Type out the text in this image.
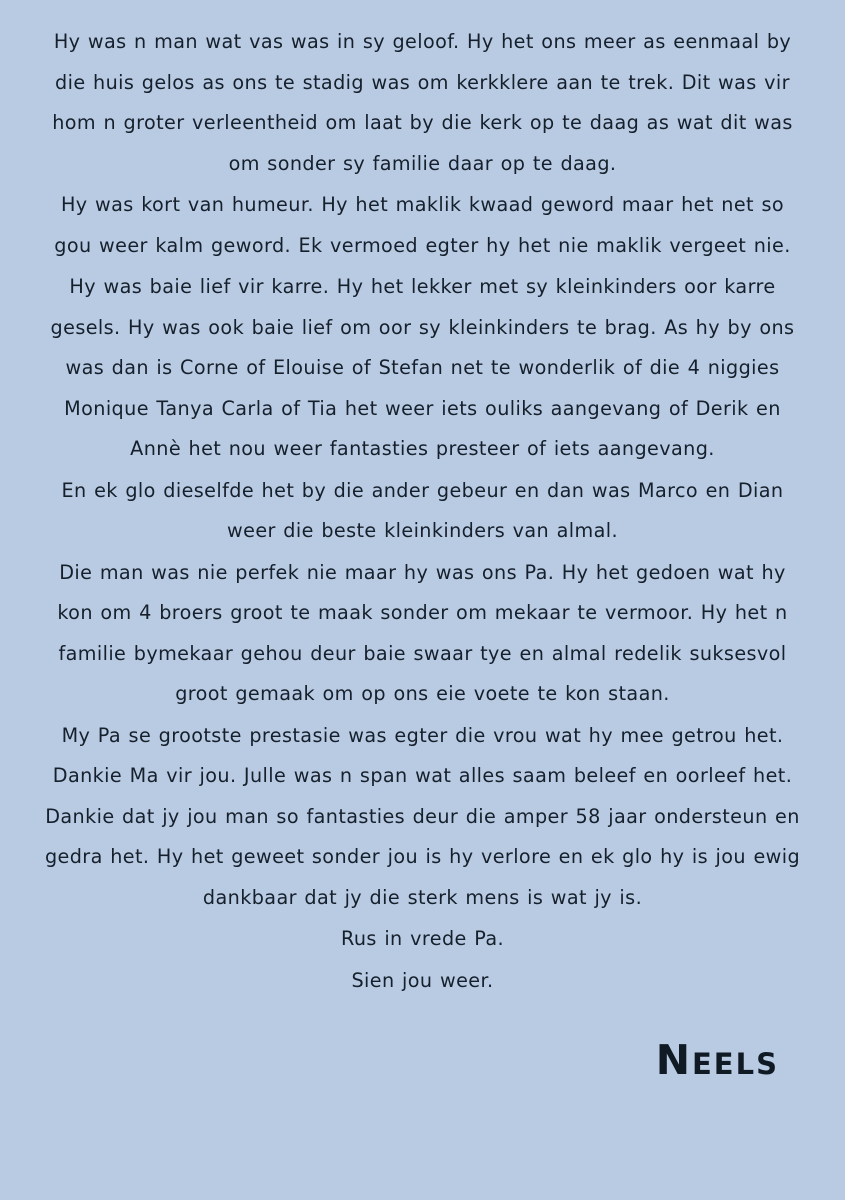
Hy was n man wat vas was in sy geloof. Hy het ons meer as eenmaal by die huis gelos as ons te stadig was om kerkklere aan te trek. Dit was vir hom n groter verleentheid om laat by die kerk op te daag as wat dit was om sonder sy familie daar op te daag.

Hy was kort van humeur. Hy het maklik kwaad geword maar het net so gou weer kalm geword. Ek vermoed egter hy het nie maklik vergeet nie.

Hy was baie lief vir karre. Hy het lekker met sy kleinkinders oor karre gesels. Hy was ook baie lief om oor sy kleinkinders te brag. As hy by ons was dan is Corne of Elouise of Stefan net te wonderlik of die 4 niggies Monique Tanya Carla of Tia het weer iets ouliks aangevang of Derik en Annè het nou weer fantasties presteer of iets aangevang.

En ek glo dieselfde het by die ander gebeur en dan was Marco en Dian weer die beste kleinkinders van almal.

Die man was nie perfek nie maar hy was ons Pa. Hy het gedoen wat hy kon om 4 broers groot te maak sonder om mekaar te vermoor. Hy het n familie bymekaar gehou deur baie swaar tye en almal redelik suksesvol groot gemaak om op ons eie voete te kon staan.

My Pa se grootste prestasie was egter die vrou wat hy mee getrou het. Dankie Ma vir jou. Julle was n span wat alles saam beleef en oorleef het. Dankie dat jy jou man so fantasties deur die amper 58 jaar ondersteun en gedra het. Hy het geweet sonder jou is hy verlore en ek glo hy is jou ewig dankbaar dat jy die sterk mens is wat jy is.

Rus in vrede Pa.

Sien jou weer.

Neels
